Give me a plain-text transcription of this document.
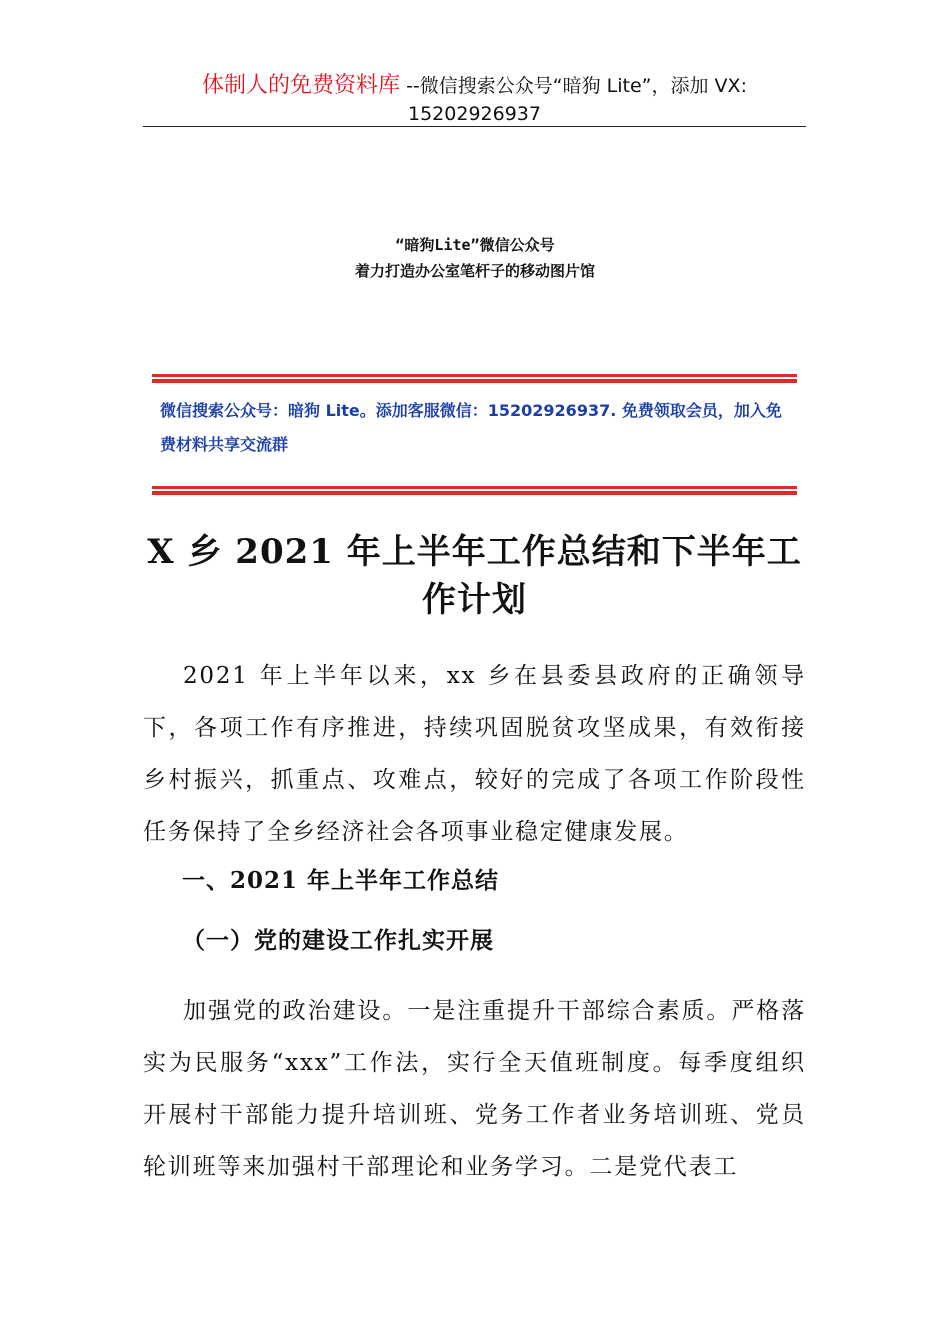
体制人的免费资料库 --微信搜索公众号“暗狗 Lite”，添加 VX:
15202926937
“暗狗Lite”微信公众号
着力打造办公室笔杆子的移动图片馆
微信搜索公众号：暗狗 Lite。添加客服微信：15202926937. 免费领取会员，加入免费材料共享交流群
X 乡 2021 年上半年工作总结和下半年工作计划
2021 年上半年以来，xx 乡在县委县政府的正确领导下，各项工作有序推进，持续巩固脱贫攻坚成果，有效衔接乡村振兴，抓重点、攻难点，较好的完成了各项工作阶段性任务保持了全乡经济社会各项事业稳定健康发展。
一、2021 年上半年工作总结
（一）党的建设工作扎实开展
加强党的政治建设。一是注重提升干部综合素质。严格落实为民服务“xxx”工作法，实行全天值班制度。每季度组织开展村干部能力提升培训班、党务工作者业务培训班、党员轮训班等来加强村干部理论和业务学习。二是党代表工
